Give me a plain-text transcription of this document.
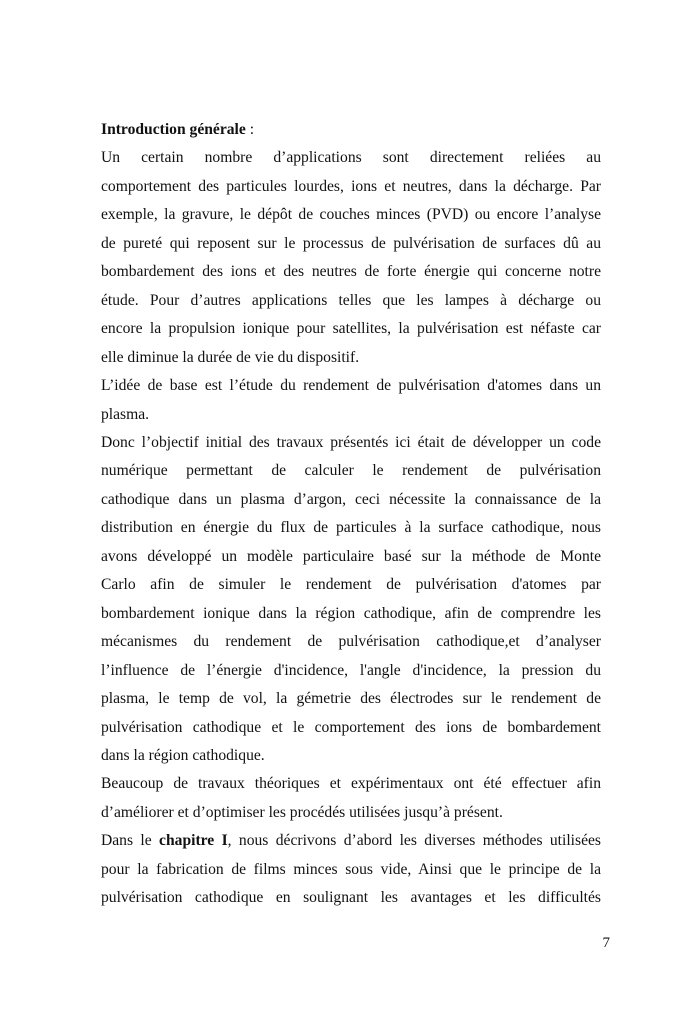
Introduction générale :

Un certain nombre d’applications sont directement reliées au

comportement des particules lourdes, ions et neutres, dans la décharge. Par

exemple, la gravure, le dépôt de couches minces (PVD) ou encore l’analyse

de pureté qui reposent sur le processus de pulvérisation de surfaces dû au

bombardement des ions et des neutres de forte énergie qui concerne notre

étude. Pour d’autres applications telles que les lampes à décharge ou

encore la propulsion ionique pour satellites, la pulvérisation est néfaste car

elle diminue la durée de vie du dispositif.

L’idée de base est l’étude du rendement de pulvérisation d'atomes dans un

plasma.

Donc l’objectif initial des travaux présentés ici était de développer un code

numérique permettant de calculer le rendement de pulvérisation

cathodique dans un plasma d’argon, ceci nécessite la connaissance de la

distribution en énergie du flux de particules à la surface cathodique, nous

avons développé un modèle particulaire basé sur la méthode de Monte

Carlo afin de simuler le rendement de pulvérisation d'atomes par

bombardement ionique dans la région cathodique, afin de comprendre les

mécanismes du rendement de pulvérisation cathodique,et d’analyser

l’influence de l’énergie d'incidence, l'angle d'incidence, la pression du

plasma, le temp de vol, la gémetrie des électrodes sur le rendement de

pulvérisation cathodique et le comportement des ions de bombardement

dans la région cathodique.

Beaucoup de travaux théoriques et expérimentaux ont été effectuer afin

d’améliorer et d’optimiser les procédés utilisées jusqu’à présent.

Dans le chapitre I, nous décrivons d’abord les diverses méthodes utilisées

pour la fabrication de films minces sous vide, Ainsi que le principe de la

pulvérisation cathodique en soulignant les avantages et les difficultés

7
